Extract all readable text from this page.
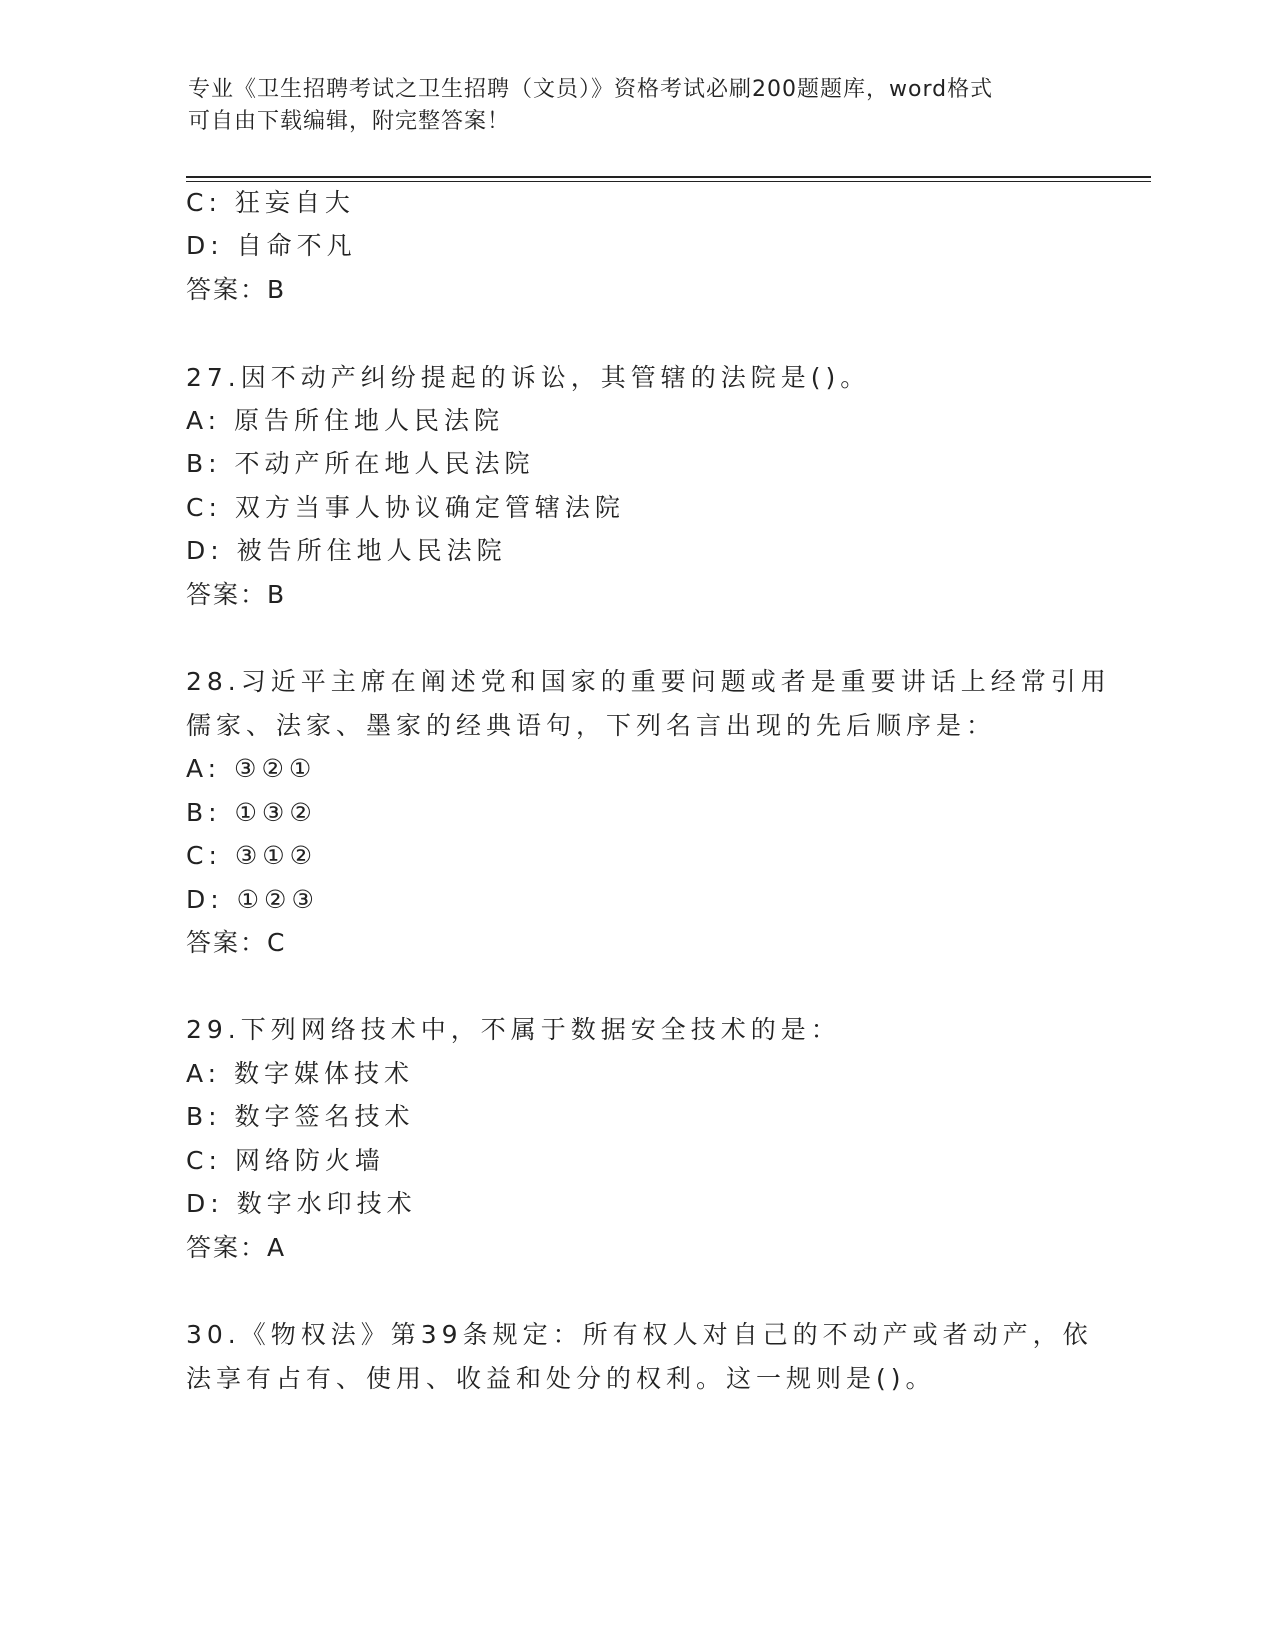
专业《卫生招聘考试之卫生招聘（文员）》资格考试必刷200题题库，word格式
可自由下载编辑，附完整答案！
C: 狂妄自大
D: 自命不凡
答案：B
27.因不动产纠纷提起的诉讼，其管辖的法院是()。
A: 原告所住地人民法院
B: 不动产所在地人民法院
C: 双方当事人协议确定管辖法院
D: 被告所住地人民法院
答案：B
28.习近平主席在阐述党和国家的重要问题或者是重要讲话上经常引用
儒家、法家、墨家的经典语句，下列名言出现的先后顺序是：
A: ③②①
B: ①③②
C: ③①②
D: ①②③
答案：C
29.下列网络技术中，不属于数据安全技术的是：
A: 数字媒体技术
B: 数字签名技术
C: 网络防火墙
D: 数字水印技术
答案：A
30.《物权法》第39条规定：所有权人对自己的不动产或者动产，依
法享有占有、使用、收益和处分的权利。这一规则是()。
